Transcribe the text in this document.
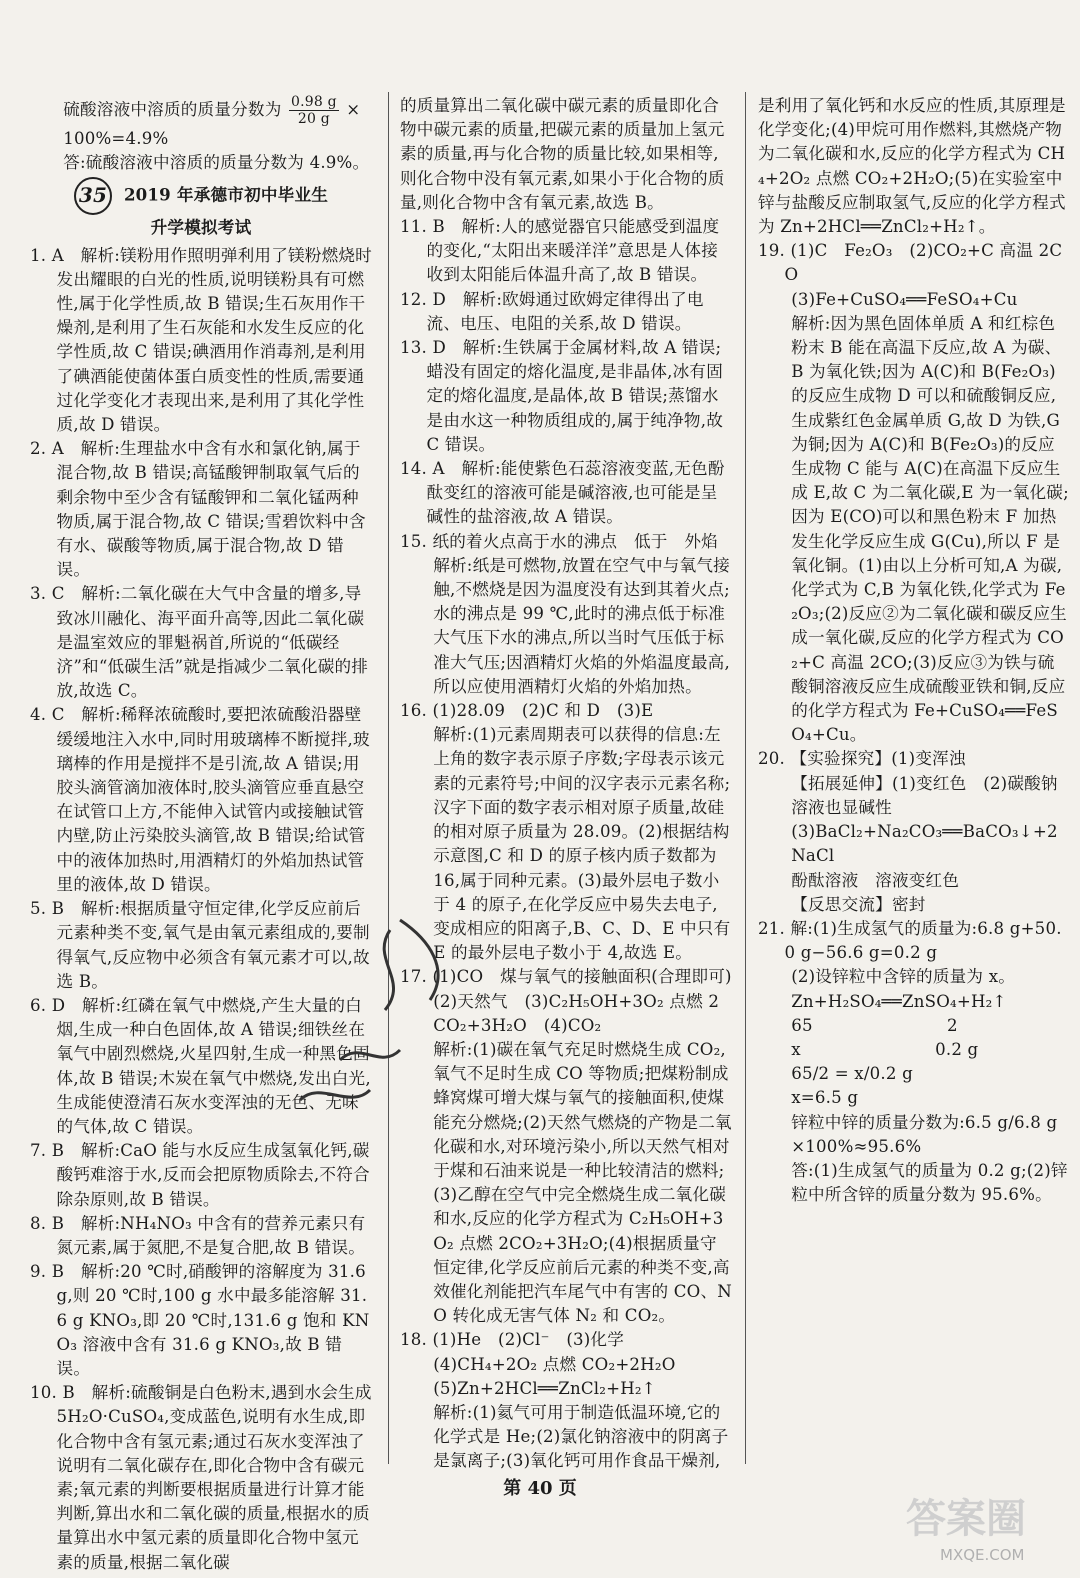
硫酸溶液中溶质的质量分数为 $\frac{0.98 g}{20 g}$ ×

100%=4.9%

答:硫酸溶液中溶质的质量分数为 4.9%。

35 2019 年承德市初中毕业生
升学模拟考试

1. A　解析:镁粉用作照明弹利用了镁粉燃烧时发出耀眼的白光的性质,说明镁粉具有可燃性,属于化学性质,故 B 错误;生石灰用作干燥剂,是利用了生石灰能和水发生反应的化学性质,故 C 错误;碘酒用作消毒剂,是利用了碘酒能使菌体蛋白质变性的性质,需要通过化学变化才表现出来,是利用了其化学性质,故 D 错误。

2. A　解析:生理盐水中含有水和氯化钠,属于混合物,故 B 错误;高锰酸钾制取氧气后的剩余物中至少含有锰酸钾和二氧化锰两种物质,属于混合物,故 C 错误;雪碧饮料中含有水、碳酸等物质,属于混合物,故 D 错误。

3. C　解析:二氧化碳在大气中含量的增多,导致冰川融化、海平面升高等,因此二氧化碳是温室效应的罪魁祸首,所说的“低碳经济”和“低碳生活”就是指减少二氧化碳的排放,故选 C。

4. C　解析:稀释浓硫酸时,要把浓硫酸沿器壁缓缓地注入水中,同时用玻璃棒不断搅拌,玻璃棒的作用是搅拌不是引流,故 A 错误;用胶头滴管滴加液体时,胶头滴管应垂直悬空在试管口上方,不能伸入试管内或接触试管内壁,防止污染胶头滴管,故 B 错误;给试管中的液体加热时,用酒精灯的外焰加热试管里的液体,故 D 错误。

5. B　解析:根据质量守恒定律,化学反应前后元素种类不变,氧气是由氧元素组成的,要制得氧气,反应物中必须含有氧元素才可以,故选 B。

6. D　解析:红磷在氧气中燃烧,产生大量的白烟,生成一种白色固体,故 A 错误;细铁丝在氧气中剧烈燃烧,火星四射,生成一种黑色固体,故 B 错误;木炭在氧气中燃烧,发出白光,生成能使澄清石灰水变浑浊的无色、无味的气体,故 C 错误。

7. B　解析:CaO 能与水反应生成氢氧化钙,碳酸钙难溶于水,反而会把原物质除去,不符合除杂原则,故 B 错误。

8. B　解析:NH₄NO₃ 中含有的营养元素只有氮元素,属于氮肥,不是复合肥,故 B 错误。

9. B　解析:20 ℃时,硝酸钾的溶解度为 31.6 g,则 20 ℃时,100 g 水中最多能溶解 31.6 g KNO₃,即 20 ℃时,131.6 g 饱和 KNO₃ 溶液中含有 31.6 g KNO₃,故 B 错误。

10. B　解析:硫酸铜是白色粉末,遇到水会生成 5H₂O·CuSO₄,变成蓝色,说明有水生成,即化合物中含有氢元素;通过石灰水变浑浊了说明有二氧化碳存在,即化合物中含有碳元素;氧元素的判断要根据质量进行计算才能判断,算出水和二氧化碳的质量,根据水的质量算出水中氢元素的质量即化合物中氢元素的质量,根据二氧化碳

的质量算出二氧化碳中碳元素的质量即化合物中碳元素的质量,把碳元素的质量加上氢元素的质量,再与化合物的质量比较,如果相等,则化合物中没有氧元素,如果小于化合物的质量,则化合物中含有氧元素,故选 B。

11. B　解析:人的感觉器官只能感受到温度的变化,“太阳出来暖洋洋”意思是人体接收到太阳能后体温升高了,故 B 错误。

12. D　解析:欧姆通过欧姆定律得出了电流、电压、电阻的关系,故 D 错误。

13. D　解析:生铁属于金属材料,故 A 错误;蜡没有固定的熔化温度,是非晶体,冰有固定的熔化温度,是晶体,故 B 错误;蒸馏水是由水这一种物质组成的,属于纯净物,故 C 错误。

14. A　解析:能使紫色石蕊溶液变蓝,无色酚酞变红的溶液可能是碱溶液,也可能是呈碱性的盐溶液,故 A 错误。

15. 纸的着火点高于水的沸点　低于　外焰

解析:纸是可燃物,放置在空气中与氧气接触,不燃烧是因为温度没有达到其着火点;水的沸点是 99 ℃,此时的沸点低于标准大气压下水的沸点,所以当时气压低于标准大气压;因酒精灯火焰的外焰温度最高,所以应使用酒精灯火焰的外焰加热。

16. (1)28.09　(2)C 和 D　(3)E

解析:(1)元素周期表可以获得的信息:左上角的数字表示原子序数;字母表示该元素的元素符号;中间的汉字表示元素名称;汉字下面的数字表示相对原子质量,故硅的相对原子质量为 28.09。(2)根据结构示意图,C 和 D 的原子核内质子数都为 16,属于同种元素。(3)最外层电子数小于 4 的原子,在化学反应中易失去电子,变成相应的阳离子,B、C、D、E 中只有 E 的最外层电子数小于 4,故选 E。

17. (1)CO　煤与氧气的接触面积(合理即可)

(2)天然气　(3)C₂H₅OH+3O₂ 点燃 2CO₂+3H₂O　(4)CO₂

解析:(1)碳在氧气充足时燃烧生成 CO₂,氧气不足时生成 CO 等物质;把煤粉制成蜂窝煤可增大煤与氧气的接触面积,使煤能充分燃烧;(2)天然气燃烧的产物是二氧化碳和水,对环境污染小,所以天然气相对于煤和石油来说是一种比较清洁的燃料;(3)乙醇在空气中完全燃烧生成二氧化碳和水,反应的化学方程式为 C₂H₅OH+3O₂ 点燃 2CO₂+3H₂O;(4)根据质量守恒定律,化学反应前后元素的种类不变,高效催化剂能把汽车尾气中有害的 CO、NO 转化成无害气体 N₂ 和 CO₂。

18. (1)He　(2)Cl⁻　(3)化学

(4)CH₄+2O₂ 点燃 CO₂+2H₂O

(5)Zn+2HCl══ZnCl₂+H₂↑

解析:(1)氦气可用于制造低温环境,它的化学式是 He;(2)氯化钠溶液中的阴离子是氯离子;(3)氧化钙可用作食品干燥剂,

是利用了氧化钙和水反应的性质,其原理是化学变化;(4)甲烷可用作燃料,其燃烧产物为二氧化碳和水,反应的化学方程式为 CH₄+2O₂ 点燃 CO₂+2H₂O;(5)在实验室中锌与盐酸反应制取氢气,反应的化学方程式为 Zn+2HCl══ZnCl₂+H₂↑。

19. (1)C　Fe₂O₃　(2)CO₂+C 高温 2CO

(3)Fe+CuSO₄══FeSO₄+Cu

解析:因为黑色固体单质 A 和红棕色粉末 B 能在高温下反应,故 A 为碳、B 为氧化铁;因为 A(C)和 B(Fe₂O₃)的反应生成物 D 可以和硫酸铜反应,生成紫红色金属单质 G,故 D 为铁,G 为铜;因为 A(C)和 B(Fe₂O₃)的反应生成物 C 能与 A(C)在高温下反应生成 E,故 C 为二氧化碳,E 为一氧化碳;因为 E(CO)可以和黑色粉末 F 加热发生化学反应生成 G(Cu),所以 F 是氧化铜。(1)由以上分析可知,A 为碳,化学式为 C,B 为氧化铁,化学式为 Fe₂O₃;(2)反应②为二氧化碳和碳反应生成一氧化碳,反应的化学方程式为 CO₂+C 高温 2CO;(3)反应③为铁与硫酸铜溶液反应生成硫酸亚铁和铜,反应的化学方程式为 Fe+CuSO₄══FeSO₄+Cu。

20. 【实验探究】(1)变浑浊

【拓展延伸】(1)变红色　(2)碳酸钠溶液也显碱性

(3)BaCl₂+Na₂CO₃══BaCO₃↓+2NaCl

酚酞溶液　溶液变红色

【反思交流】密封

21. 解:(1)生成氢气的质量为:6.8 g+50.0 g−56.6 g=0.2 g

(2)设锌粒中含锌的质量为 x。

Zn+H₂SO₄══ZnSO₄+H₂↑

65　　　　　　　　2

x　　　　　　　　0.2 g

65/2 = x/0.2 g

x=6.5 g

锌粒中锌的质量分数为:6.5 g/6.8 g ×100%≈95.6%

答:(1)生成氢气的质量为 0.2 g;(2)锌粒中所含锌的质量分数为 95.6%。

第 40 页
答案圈
MXQE.COM
